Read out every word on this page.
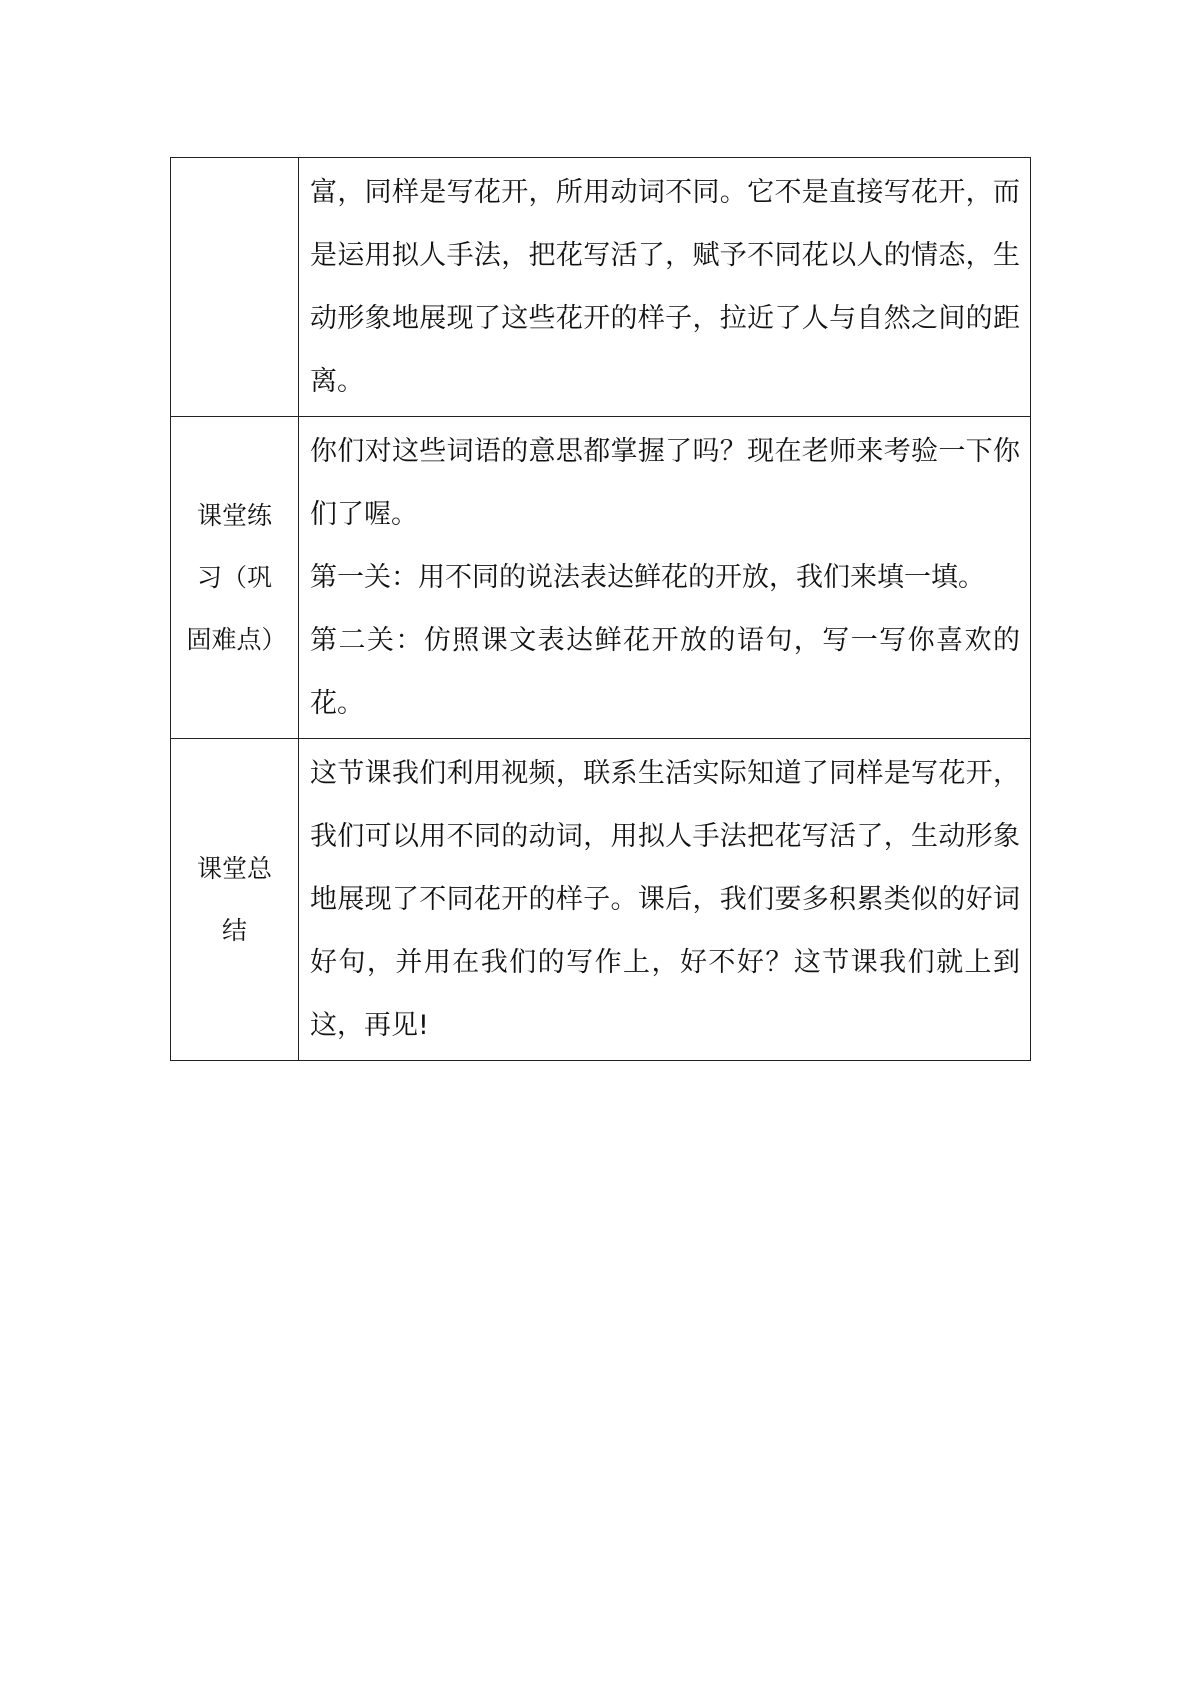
	富，同样是写花开，所用动词不同。它不是直接写花开，而是运用拟人手法，把花写活了，赋予不同花以人的情态，生动形象地展现了这些花开的样子，拉近了人与自然之间的距离。

课堂练习（巩固难点）	你们对这些词语的意思都掌握了吗？现在老师来考验一下你们了喔。

第一关：用不同的说法表达鲜花的开放，我们来填一填。

第二关：仿照课文表达鲜花开放的语句，写一写你喜欢的花。

课堂总结	这节课我们利用视频，联系生活实际知道了同样是写花开，我们可以用不同的动词，用拟人手法把花写活了，生动形象地展现了不同花开的样子。课后，我们要多积累类似的好词好句，并用在我们的写作上，好不好？这节课我们就上到这，再见!
